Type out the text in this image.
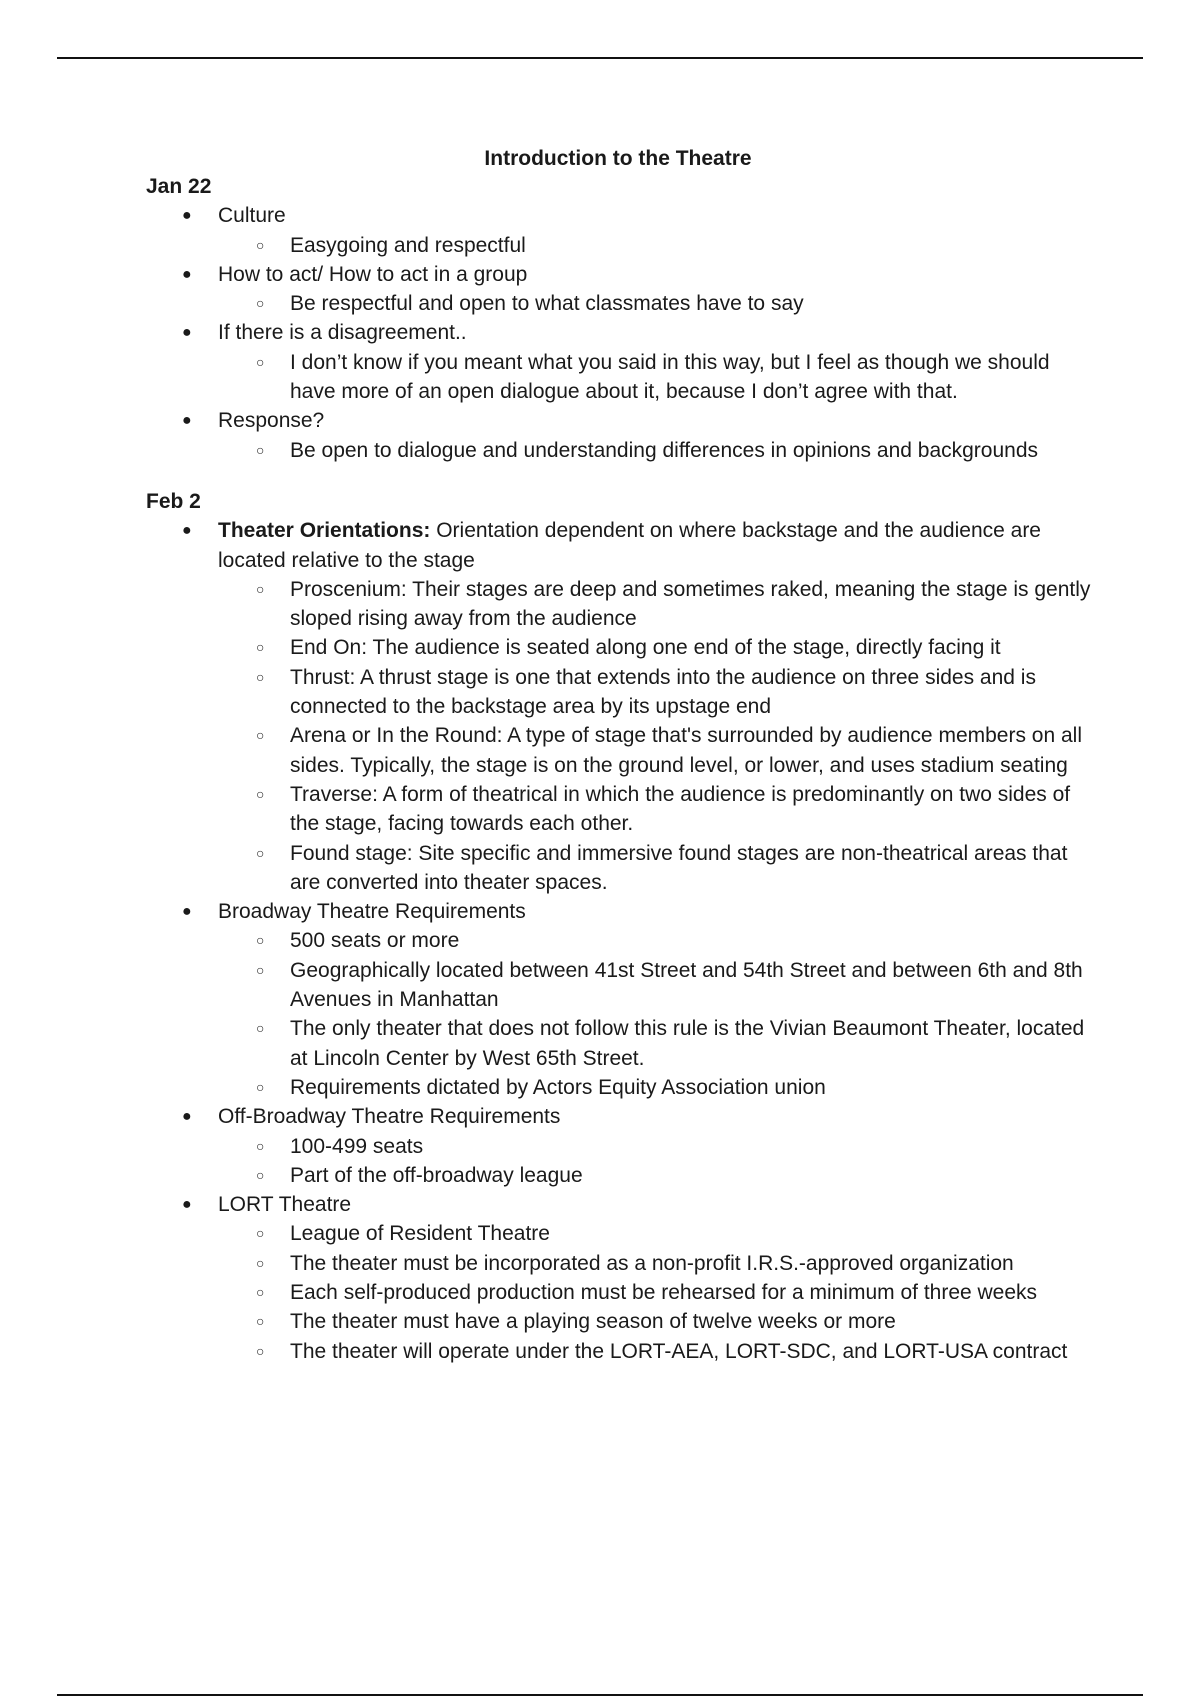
Introduction to the Theatre

Jan 22

● Culture
○ Easygoing and respectful
● How to act/ How to act in a group
○ Be respectful and open to what classmates have to say
● If there is a disagreement..
○ I don’t know if you meant what you said in this way, but I feel as though we should have more of an open dialogue about it, because I don’t agree with that.
● Response?
○ Be open to dialogue and understanding differences in opinions and backgrounds

Feb 2

● Theater Orientations: Orientation dependent on where backstage and the audience are located relative to the stage
○ Proscenium: Their stages are deep and sometimes raked, meaning the stage is gently sloped rising away from the audience
○ End On: The audience is seated along one end of the stage, directly facing it
○ Thrust: A thrust stage is one that extends into the audience on three sides and is connected to the backstage area by its upstage end
○ Arena or In the Round: A type of stage that's surrounded by audience members on all sides. Typically, the stage is on the ground level, or lower, and uses stadium seating
○ Traverse: A form of theatrical in which the audience is predominantly on two sides of the stage, facing towards each other.
○ Found stage: Site specific and immersive found stages are non-theatrical areas that are converted into theater spaces.
● Broadway Theatre Requirements
○ 500 seats or more
○ Geographically located between 41st Street and 54th Street and between 6th and 8th Avenues in Manhattan
○ The only theater that does not follow this rule is the Vivian Beaumont Theater, located at Lincoln Center by West 65th Street.
○ Requirements dictated by Actors Equity Association union
● Off-Broadway Theatre Requirements
○ 100-499 seats
○ Part of the off-broadway league
● LORT Theatre
○ League of Resident Theatre
○ The theater must be incorporated as a non-profit I.R.S.-approved organization
○ Each self-produced production must be rehearsed for a minimum of three weeks
○ The theater must have a playing season of twelve weeks or more
○ The theater will operate under the LORT-AEA, LORT-SDC, and LORT-USA contract
